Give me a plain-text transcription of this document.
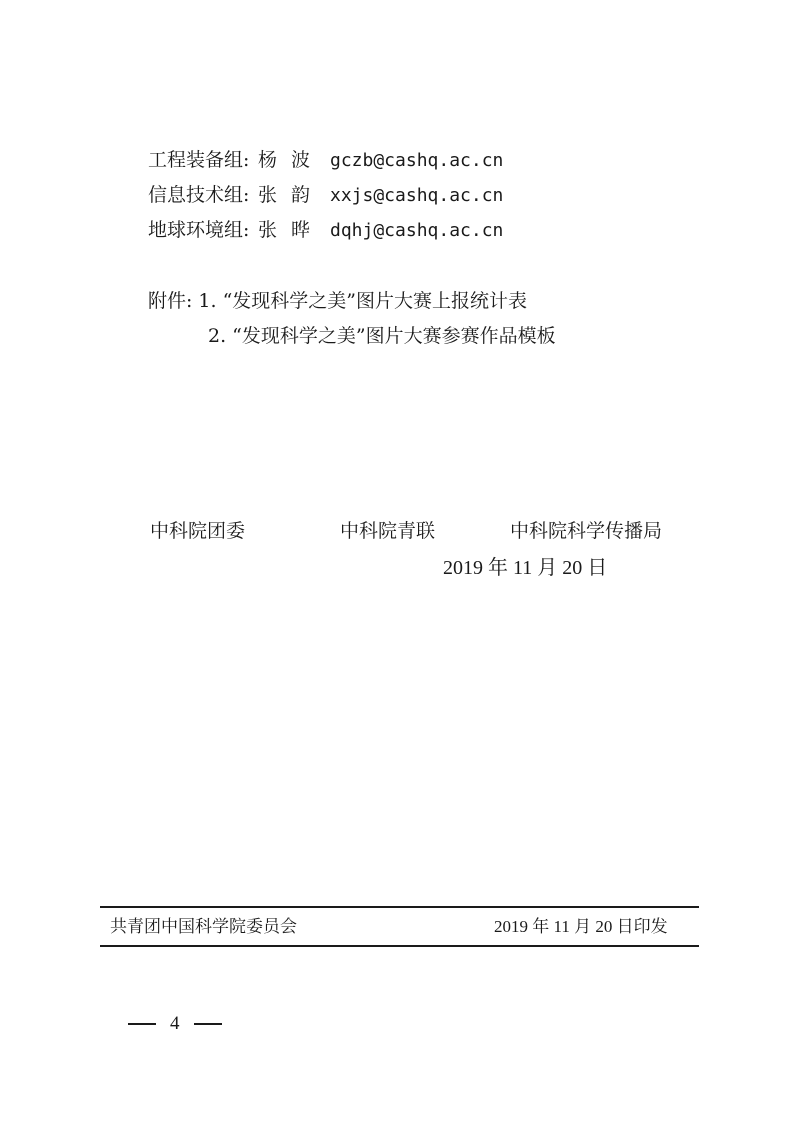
工程装备组: 杨波 gczb@cashq.ac.cn
信息技术组: 张韵 xxjs@cashq.ac.cn
地球环境组: 张晔 dqhj@cashq.ac.cn
附件: 1. “发现科学之美”图片大赛上报统计表
2. “发现科学之美”图片大赛参赛作品模板
中科院团委	中科院青联	中科院科学传播局
2019 年 11 月 20 日
共青团中国科学院委员会	2019 年 11 月 20 日印发
4
